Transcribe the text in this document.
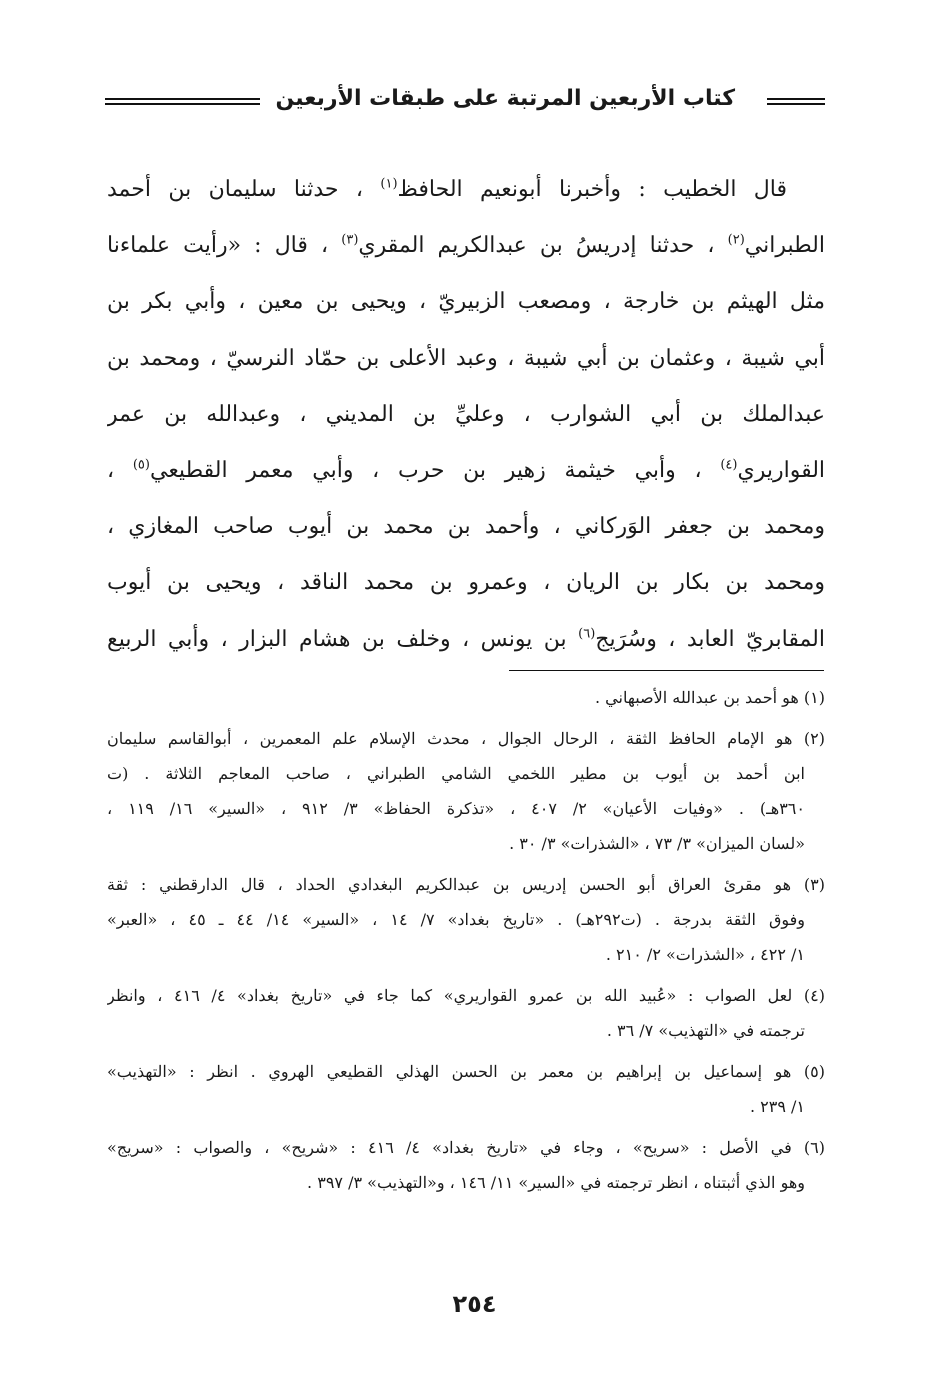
كتاب الأربعين المرتبة على طبقات الأربعين
قال الخطيب : وأخبرنا أبونعيم الحافظ$^{(١)}$ ، حدثنا سليمان بن أحمد
الطبراني$^{(٢)}$ ، حدثنا إدريسُ بن عبدالكريم المقري$^{(٣)}$ ، قال : «رأيت علماءنا
مثل الهيثم بن خارجة ، ومصعب الزبيريّ ، ويحيى بن معين ، وأبي بكر بن
أبي شيبة ، وعثمان بن أبي شيبة ، وعبد الأعلى بن حمّاد النرسيّ ، ومحمد بن
عبدالملك بن أبي الشوارب ، وعليِّ بن المديني ، وعبدالله بن عمر
القواريري$^{(٤)}$ ، وأبي خيثمة زهير بن حرب ، وأبي معمر القطيعي$^{(٥)}$ ،
ومحمد بن جعفر الوَركاني ، وأحمد بن محمد بن أيوب صاحب المغازي ،
ومحمد بن بكار بن الريان ، وعمرو بن محمد الناقد ، ويحيى بن أيوب
المقابريّ العابد ، وسُرَيج$^{(٦)}$ بن يونس ، وخلف بن هشام البزار ، وأبي الربيع
(١) هو أحمد بن عبدالله الأصبهاني .
(٢) هو الإمام الحافظ الثقة ، الرحال الجوال ، محدث الإسلام علم المعمرين ، أبوالقاسم سليمان
ابن أحمد بن أيوب بن مطير اللخمي الشامي الطبراني ، صاحب المعاجم الثلاثة . (ت
٣٦٠هـ) . «وفيات الأعيان» ٢/ ٤٠٧ ، «تذكرة الحفاظ» ٣/ ٩١٢ ، «السير» ١٦/ ١١٩ ،
«لسان الميزان» ٣/ ٧٣ ، «الشذرات» ٣/ ٣٠ .
(٣) هو مقرئ العراق أبو الحسن إدريس بن عبدالكريم البغدادي الحداد ، قال الدارقطني : ثقة
وفوق الثقة بدرجة . (ت٢٩٢هـ) . «تاريخ بغداد» ٧/ ١٤ ، «السير» ١٤/ ٤٤ ـ ٤٥ ، «العبر»
١/ ٤٢٢ ، «الشذرات» ٢/ ٢١٠ .
(٤) لعل الصواب : «عُبيد الله بن عمرو القواريري» كما جاء في «تاريخ بغداد» ٤/ ٤١٦ ، وانظر
ترجمته في «التهذيب» ٧/ ٣٦ .
(٥) هو إسماعيل بن إبراهيم بن معمر بن الحسن الهذلي القطيعي الهروي . انظر : «التهذيب»
١/ ٢٣٩ .
(٦) في الأصل : «سريح» ، وجاء في «تاريخ بغداد» ٤/ ٤١٦ : «شريح» ، والصواب : «سريج»
وهو الذي أثبتناه ، انظر ترجمته في «السير» ١١/ ١٤٦ ، و«التهذيب» ٣/ ٣٩٧ .
٢٥٤
